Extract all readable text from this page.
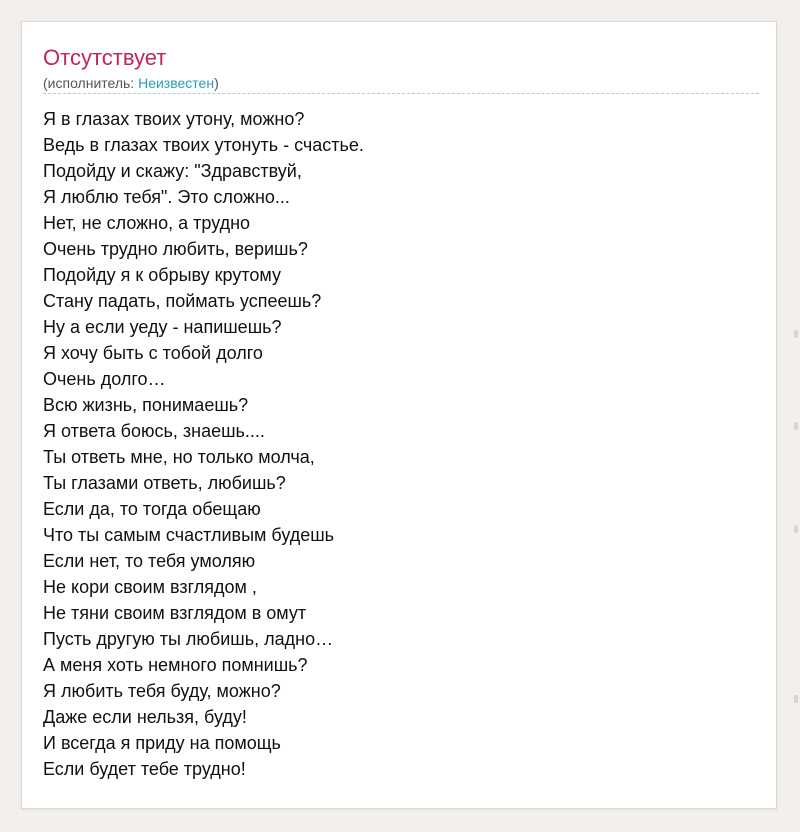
Отсутствует
(исполнитель: Неизвестен)
Я в глазах твоих утону, можно?
Ведь в глазах твоих утонуть - счастье.
Подойду и скажу: "Здравствуй,
Я люблю тебя". Это сложно...
Нет, не сложно, а трудно
Очень трудно любить, веришь?
Подойду я к обрыву крутому
Стану падать, поймать успеешь?
Ну а если уеду - напишешь?
Я хочу быть с тобой долго
Очень долго…
Всю жизнь, понимаешь?
Я ответа боюсь, знаешь....
Ты ответь мне, но только молча,
Ты глазами ответь, любишь?
Если да, то тогда обещаю
Что ты самым счастливым будешь
Если нет, то тебя умоляю
Не кори своим взглядом ,
Не тяни своим взглядом в омут
Пусть другую ты любишь, ладно…
А меня хоть немного помнишь?
Я любить тебя буду, можно?
Даже если нельзя, буду!
И всегда я приду на помощь
Если будет тебе трудно!
